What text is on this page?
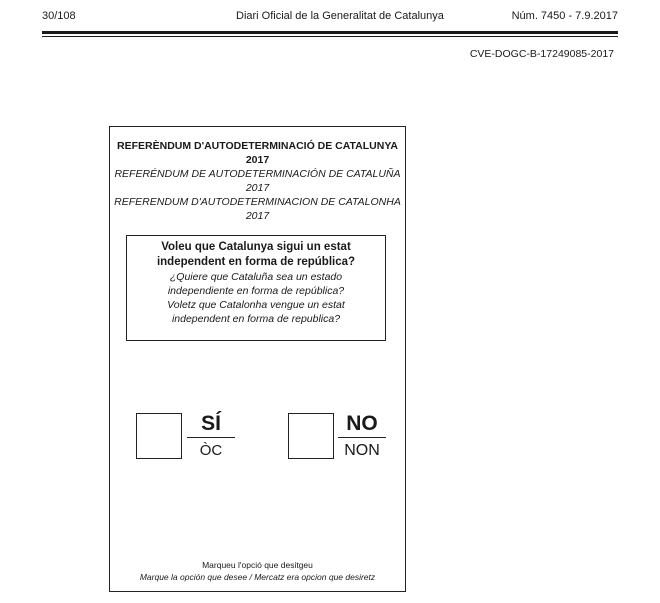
30/108	Diari Oficial de la Generalitat de Catalunya	Núm. 7450 - 7.9.2017
CVE-DOGC-B-17249085-2017
REFERÈNDUM D'AUTODETERMINACIÓ DE CATALUNYA 2017
REFERÉNDUM DE AUTODETERMINACIÓN DE CATALUÑA 2017
REFERENDUM D'AUTODETERMINACION DE CATALONHA 2017
Voleu que Catalunya sigui un estat independent en forma de república?
¿Quiere que Cataluña sea un estado independiente en forma de república?
Voletz que Catalonha vengue un estat independent en forma de republica?
SÍ
ÒC
NO
NON
Marqueu l'opció que desitgeu
Marque la opción que desee / Mercatz era opcion que desiretz
